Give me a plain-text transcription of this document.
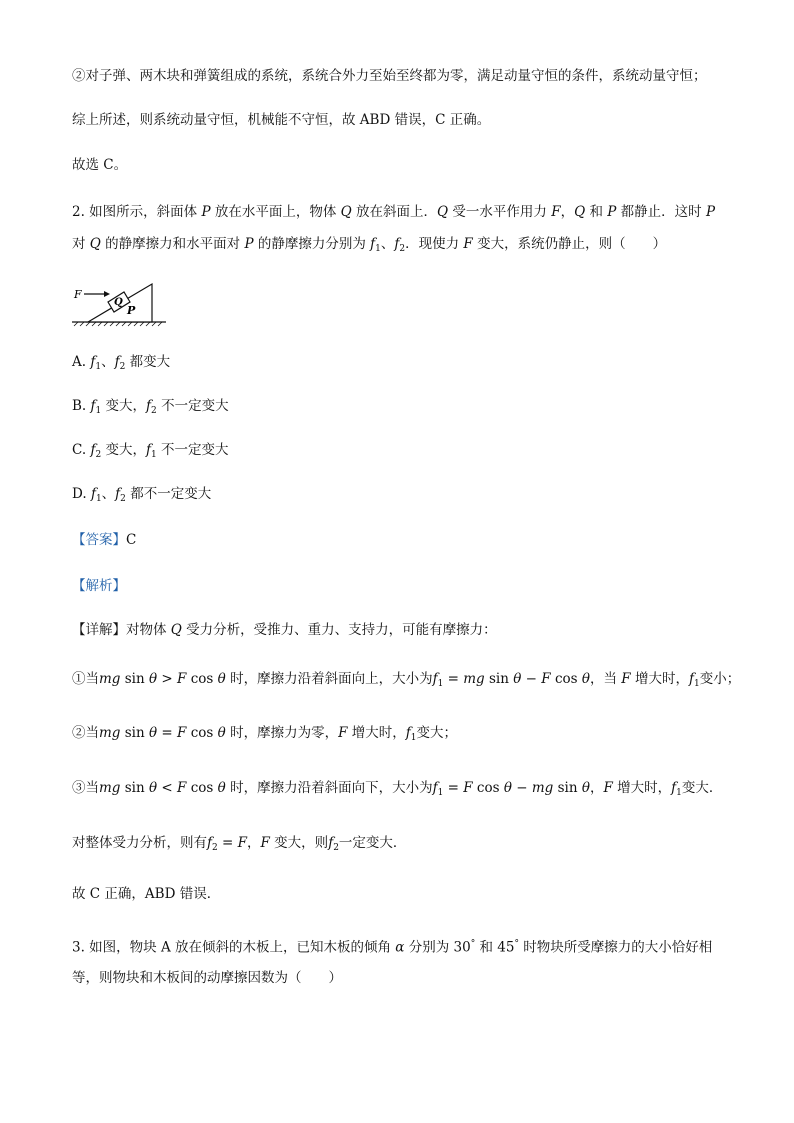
②对子弹、两木块和弹簧组成的系统，系统合外力至始至终都为零，满足动量守恒的条件，系统动量守恒；
综上所述，则系统动量守恒，机械能不守恒，故 ABD 错误，C 正确。
故选 C。
2. 如图所示，斜面体 P 放在水平面上，物体 Q 放在斜面上．Q 受一水平作用力 F，Q 和 P 都静止．这时 P
对 Q 的静摩擦力和水平面对 P 的静摩擦力分别为 $f_1$、$f_2$．现使力 F 变大，系统仍静止，则（　　）
F
Q
P
A. $f_1$、$f_2$ 都变大
B. $f_1$ 变大，$f_2$ 不一定变大
C. $f_2$ 变大，$f_1$ 不一定变大
D. $f_1$、$f_2$ 都不一定变大
【答案】C
【解析】
【详解】对物体 Q 受力分析，受推力、重力、支持力，可能有摩擦力：
①当mg sin θ > F cos θ 时，摩擦力沿着斜面向上，大小为$f_1$ = mg sin θ − F cos θ，当 F 增大时，$f_1$变小；
②当mg sin θ = F cos θ 时，摩擦力为零，F 增大时，$f_1$变大；
③当mg sin θ < F cos θ 时，摩擦力沿着斜面向下，大小为$f_1 = F$ cos θ − mg sin θ，F 增大时，$f_1$变大．
对整体受力分析，则有$f_2 = F$，F 变大，则$f_2$一定变大．
故 C 正确，ABD 错误．
3. 如图，物块 A 放在倾斜的木板上，已知木板的倾角 α 分别为 30° 和 45° 时物块所受摩擦力的大小恰好相
等，则物块和木板间的动摩擦因数为（　　）
